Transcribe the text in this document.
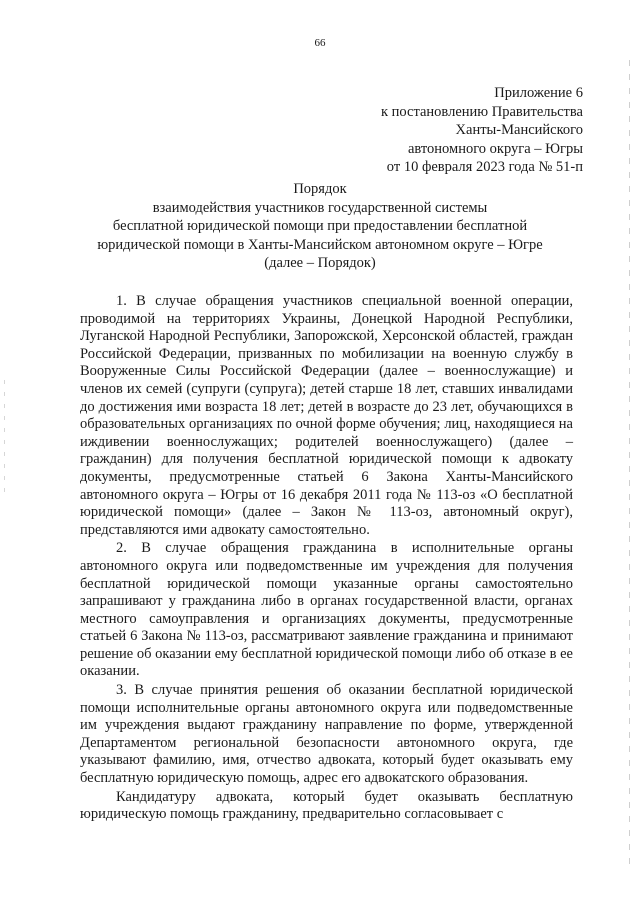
66
Приложение 6
к постановлению Правительства
Ханты-Мансийского
автономного округа – Югры
от 10 февраля 2023 года № 51-п
Порядок
взаимодействия участников государственной системы
бесплатной юридической помощи при предоставлении бесплатной
юридической помощи в Ханты-Мансийском автономном округе – Югре
(далее – Порядок)

1. В случае обращения участников специальной военной операции, проводимой на территориях Украины, Донецкой Народной Республики, Луганской Народной Республики, Запорожской, Херсонской областей, граждан Российской Федерации, призванных по мобилизации на военную службу в Вооруженные Силы Российской Федерации (далее – военнослужащие) и членов их семей (супруги (супруга); детей старше 18 лет, ставших инвалидами до достижения ими возраста 18 лет; детей в возрасте до 23 лет, обучающихся в образовательных организациях по очной форме обучения; лиц, находящиеся на иждивении военнослужащих; родителей военнослужащего) (далее – гражданин) для получения бесплатной юридической помощи к адвокату документы, предусмотренные статьей 6 Закона Ханты-Мансийского автономного округа – Югры от 16 декабря 2011 года № 113-оз «О бесплатной юридической помощи» (далее – Закон № 113-оз, автономный округ), представляются ими адвокату самостоятельно.

2. В случае обращения гражданина в исполнительные органы автономного округа или подведомственные им учреждения для получения бесплатной юридической помощи указанные органы самостоятельно запрашивают у гражданина либо в органах государственной власти, органах местного самоуправления и организациях документы, предусмотренные статьей 6 Закона № 113-оз, рассматривают заявление гражданина и принимают решение об оказании ему бесплатной юридической помощи либо об отказе в ее оказании.

3. В случае принятия решения об оказании бесплатной юридической помощи исполнительные органы автономного округа или подведомственные им учреждения выдают гражданину направление по форме, утвержденной Департаментом региональной безопасности автономного округа, где указывают фамилию, имя, отчество адвоката, который будет оказывать ему бесплатную юридическую помощь, адрес его адвокатского образования.

Кандидатуру адвоката, который будет оказывать бесплатную юридическую помощь гражданину, предварительно согласовывает с
